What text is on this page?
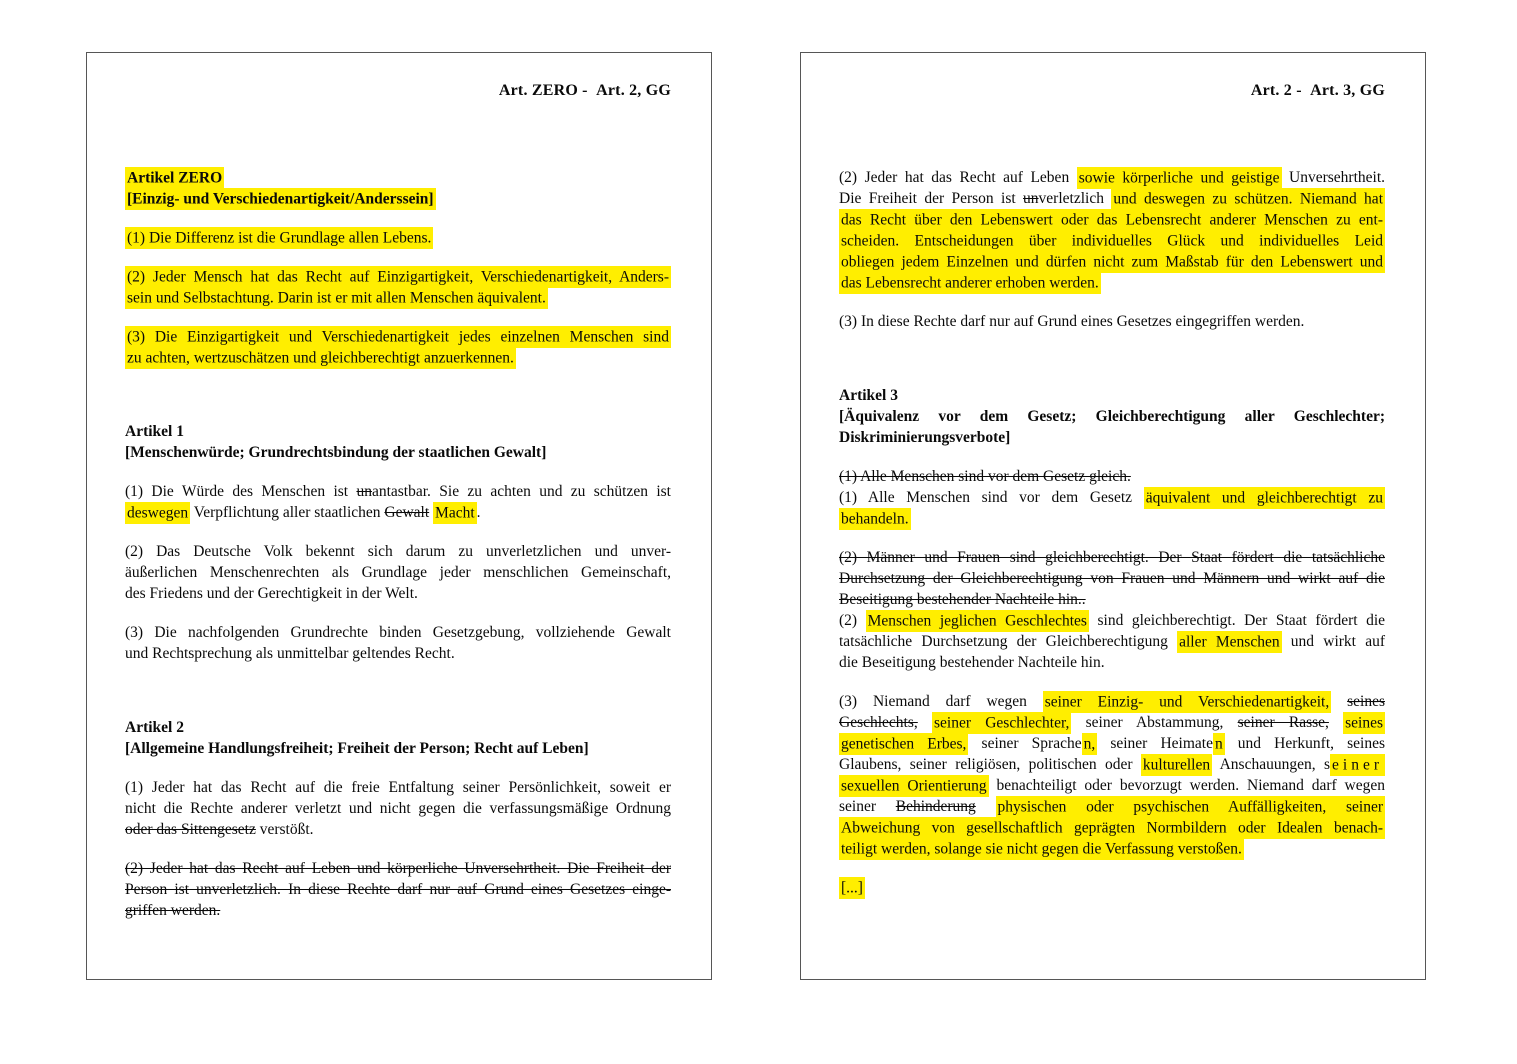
Art. ZERO -  Art. 2, GG
Artikel ZERO
[Einzig- und Verschiedenartigkeit/Anderssein]
(1) Die Differenz ist die Grundlage allen Lebens.
(2) Jeder Mensch hat das Recht auf Einzigartigkeit, Verschiedenartigkeit, Anders-
sein und Selbstachtung. Darin ist er mit allen Menschen äquivalent.
(3) Die Einzigartigkeit und Verschiedenartigkeit jedes einzelnen Menschen sind
zu achten, wertzuschätzen und gleichberechtigt anzuerkennen.
Artikel 1
[Menschenwürde; Grundrechtsbindung der staatlichen Gewalt]
(1) Die Würde des Menschen ist unantastbar. Sie zu achten und zu schützen ist
deswegen Verpflichtung aller staatlichen Gewalt Macht .
(2) Das Deutsche Volk bekennt sich darum zu unverletzlichen und unver-
äußerlichen Menschenrechten als Grundlage jeder menschlichen Gemeinschaft,
des Friedens und der Gerechtigkeit in der Welt.
(3) Die nachfolgenden Grundrechte binden Gesetzgebung, vollziehende Gewalt
und Rechtsprechung als unmittelbar geltendes Recht.
Artikel 2
[Allgemeine Handlungsfreiheit; Freiheit der Person; Recht auf Leben]
(1) Jeder hat das Recht auf die freie Entfaltung seiner Persönlichkeit, soweit er
nicht die Rechte anderer verletzt und nicht gegen die verfassungsmäßige Ordnung
oder das Sittengesetz verstößt.
(2) Jeder hat das Recht auf Leben und körperliche Unversehrtheit. Die Freiheit der
Person ist unverletzlich. In diese Rechte darf nur auf Grund eines Gesetzes einge-
griffen werden.
Art. 2 -  Art. 3, GG
(2) Jeder hat das Recht auf Leben sowie körperliche und geistige Unversehrtheit.
Die Freiheit der Person ist unverletzlich und deswegen zu schützen. Niemand hat
das Recht über den Lebenswert oder das Lebensrecht anderer Menschen zu ent-
scheiden. Entscheidungen über individuelles Glück und individuelles Leid
obliegen jedem Einzelnen und dürfen nicht zum Maßstab für den Lebenswert und
das Lebensrecht anderer erhoben werden.
(3) In diese Rechte darf nur auf Grund eines Gesetzes eingegriffen werden.
Artikel 3
[Äquivalenz vor dem Gesetz; Gleichberechtigung aller Geschlechter;
Diskriminierungsverbote]
(1) Alle Menschen sind vor dem Gesetz gleich.
(1) Alle Menschen sind vor dem Gesetz äquivalent und gleichberechtigt zu
behandeln.
(2) Männer und Frauen sind gleichberechtigt. Der Staat fördert die tatsächliche
Durchsetzung der Gleichberechtigung von Frauen und Männern und wirkt auf die
Beseitigung bestehender Nachteile hin..
(2) Menschen jeglichen Geschlechtes sind gleichberechtigt. Der Staat fördert die
tatsächliche Durchsetzung der Gleichberechtigung aller Menschen und wirkt auf
die Beseitigung bestehender Nachteile hin.
(3) Niemand darf wegen seiner Einzig- und Verschiedenartigkeit, seines
Geschlechts, seiner Geschlechter, seiner Abstammung, seiner Rasse, seines
genetischen Erbes, seiner Sprache n, seiner Heimate n und Herkunft, seines
Glaubens, seiner religiösen, politischen oder kulturellen Anschauungen, s einer
sexuellen Orientierung benachteiligt oder bevorzugt werden. Niemand darf wegen
seiner Behinderung physischen oder psychischen Auffälligkeiten, seiner
Abweichung von gesellschaftlich geprägten Normbildern oder Idealen benach-
teiligt werden, solange sie nicht gegen die Verfassung verstoßen.
[...]
